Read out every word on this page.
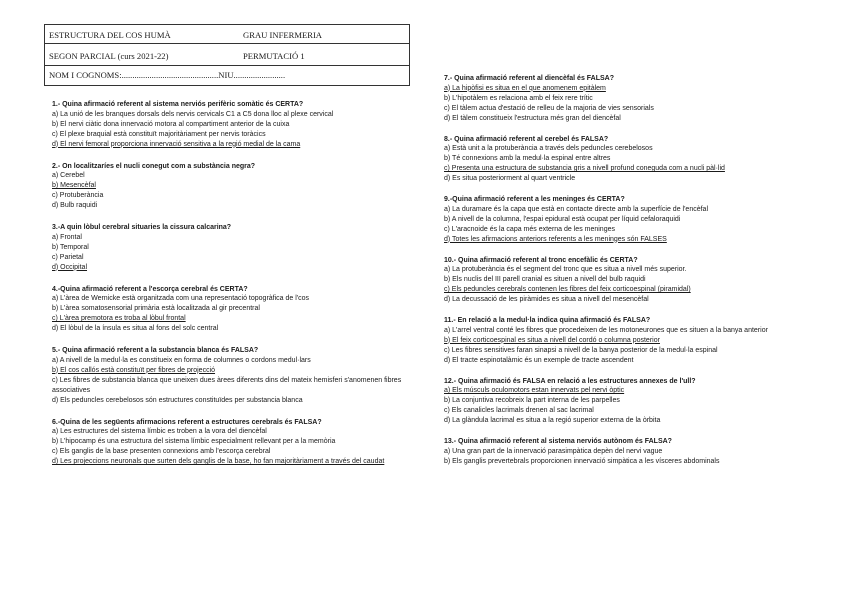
ESTRUCTURA DEL COS HUMÀ	GRAU INFERMERIA
SEGON PARCIAL (curs 2021-22)	PERMUTACIÓ 1
NOM I COGNOMS:.............................................NIU........................
1.- Quina afirmació referent al sistema nerviós perifèric somàtic és CERTA?
a) La unió de les branques dorsals dels nervis cervicals C1 a C5 dona lloc al plexe cervical
b) El nervi ciàtic dona innervació motora al compartiment anterior de la cuixa
c) El plexe braquial està constituït majoritàriament per nervis toràcics
d) El nervi femoral proporciona innervació sensitiva a la regió medial de la cama
2.- On localitzaríes el nucli conegut com a substància negra?
a) Cerebel
b) Mesencèfal
c) Protuberància
d) Bulb raquidi
3.-A quin lòbul cerebral situaries la cissura calcarina?
a) Frontal
b) Temporal
c) Parietal
d) Occipital
4.-Quina afirmació referent a l'escorça cerebral és CERTA?
a) L'àrea de Wernicke està organitzada com una representació topogràfica de l'cos
b) L'àrea somatosensorial primària està localitzada al gir precentral
c) L'àrea premotora es troba al lòbul frontal
d) El lòbul de la ínsula es situa al fons del solc central
5.- Quina afirmació referent a la substancia blanca és FALSA?
a) A nivell de la medul·la es constitueix en forma de columnes o cordons medul·lars
b) El cos callós està constituït per fibres de projecció
c) Les fibres de substancia blanca que uneixen dues àrees diferents dins del mateix hemisferi s'anomenen fibres associatives
d) Els peduncles cerebelosos són estructures constituïdes per substancia blanca
6.-Quina de les següents afirmacions referent a estructures cerebrals és FALSA?
a) Les estructures del sistema límbic es troben a la vora del diencèfal
b) L'hipocamp és una estructura del sistema límbic especialment rellevant per a la memòria
c) Els ganglis de la base presenten connexions amb l'escorça cerebral
d) Les projeccions neuronals que surten dels ganglis de la base, ho fan majoritàriament a través del caudat
7.- Quina afirmació referent al diencèfal és FALSA?
a) La hipòfisi es situa en el que anomenem epitàlem
b) L'hipotàlem es relaciona amb el feix rere trític
c) El tàlem actua d'estació de relleu de la majoria de vies sensorials
d) El tàlem constitueix l'estructura més gran del diencèfal
8.- Quina afirmació referent al cerebel és FALSA?
a) Està unit a la protuberància a través dels peduncles cerebelosos
b) Té connexions amb la medul·la espinal entre altres
c) Presenta una estructura de substancia gris a nivell profund coneguda com a nucli pàl·lid
d) Es situa posteriorment al quart ventricle
9.-Quina afirmació referent a les meninges és CERTA?
a) La duramare és la capa que està en contacte directe amb la superfície de l'encèfal
b) A nivell de la columna, l'espai epidural està ocupat per líquid cefaloraquidi
c) L'aracnoide és la capa més externa de les meninges
d) Totes les afirmacions anteriors referents a les meninges són FALSES
10.- Quina afirmació referent al tronc encefàlic és CERTA?
a) La protuberància és el segment del tronc que es situa a nivell més superior.
b) Els nuclis del III parell cranial es situen a nivell del bulb raquidi
c) Els peduncles cerebrals contenen les fibres del feix corticoespinal (piramidal)
d) La decussació de les piràmides es situa a nivell del mesencèfal
11.- En relació a la medul·la indica quina afirmació és FALSA?
a) L'arrel ventral conté les fibres que procedeixen de les motoneurones que es situen a la banya anterior
b) El feix corticoespinal es situa a nivell del cordó o columna posterior
c) Les fibres sensitives faran sinapsi a nivell de la banya posterior de la medul·la espinal
d) El tracte espinotalàmic és un exemple de tracte ascendent
12.- Quina afirmació és FALSA en relació a les estructures annexes de l'ull?
a) Els músculs oculomotors estan innervats pel nervi òptic
b) La conjuntiva recobreix la part interna de les parpelles
c) Els canalicles lacrimals drenen al sac lacrimal
d) La glàndula lacrimal es situa a la regió superior externa de la òrbita
13.- Quina afirmació referent al sistema nerviós autònom és FALSA?
a) Una gran part de la innervació parasimpàtica depèn del nervi vague
b) Els ganglis prevertebrals proporcionen innervació simpàtica a les vísceres abdominals
